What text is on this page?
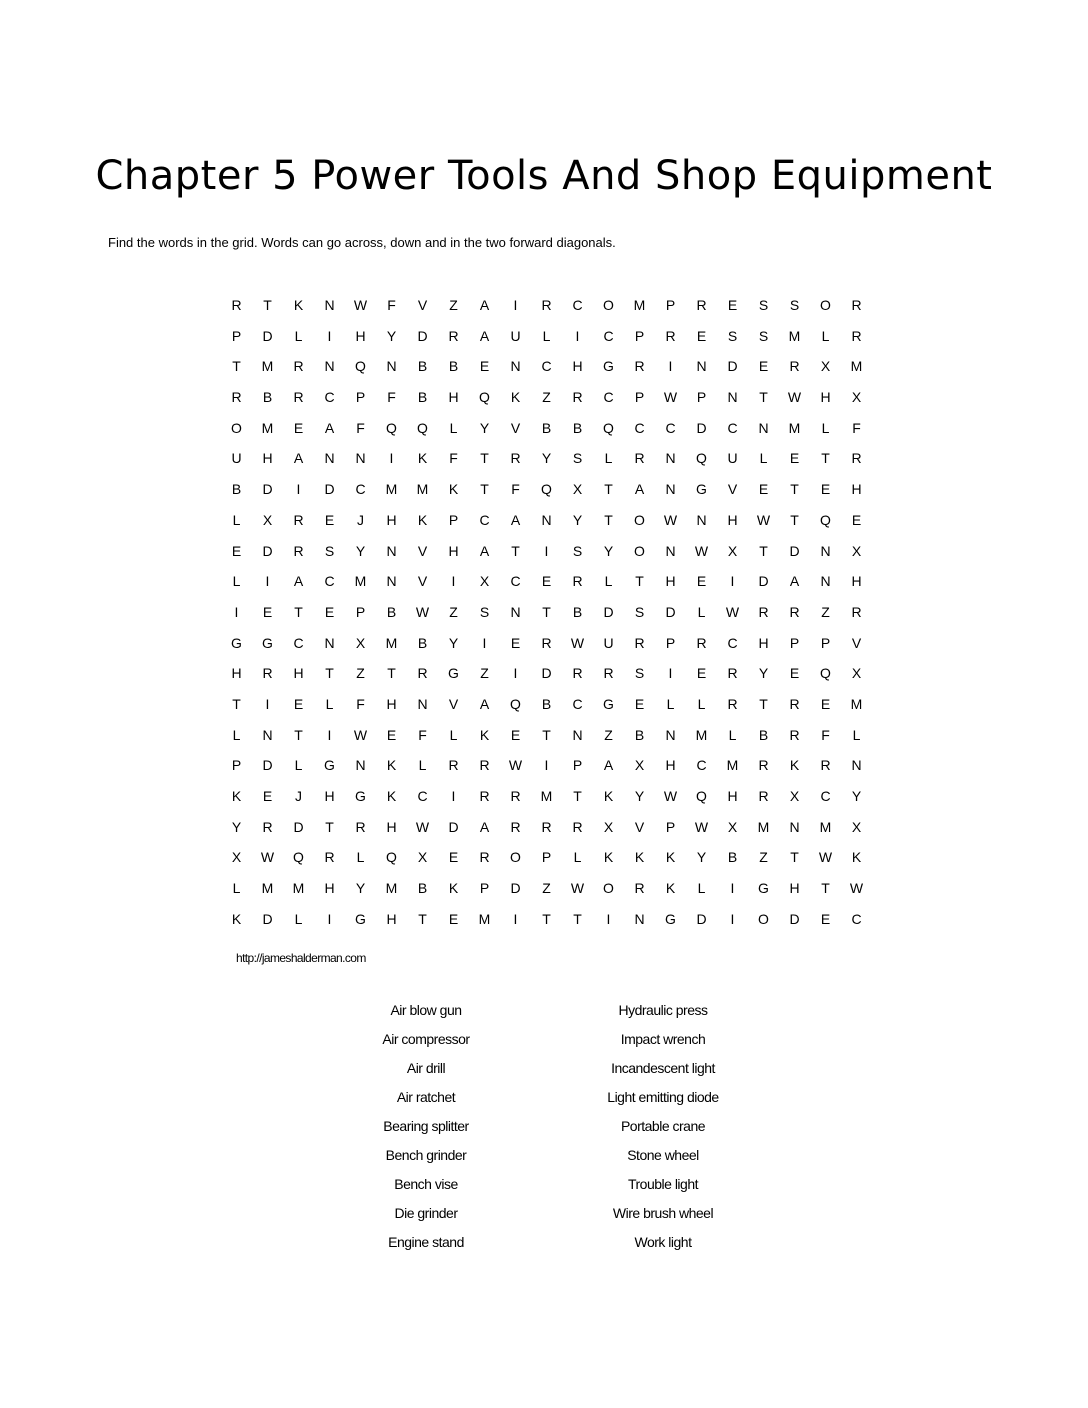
Chapter 5 Power Tools And Shop Equipment
Find the words in the grid. Words can go across, down and in the two forward diagonals.
R	T	K	N	W	F	V	Z	A	I	R	C	O	M	P	R	E	S	S	O	R
P	D	L	I	H	Y	D	R	A	U	L	I	C	P	R	E	S	S	M	L	R
T	M	R	N	Q	N	B	B	E	N	C	H	G	R	I	N	D	E	R	X	M
R	B	R	C	P	F	B	H	Q	K	Z	R	C	P	W	P	N	T	W	H	X
O	M	E	A	F	Q	Q	L	Y	V	B	B	Q	C	C	D	C	N	M	L	F
U	H	A	N	N	I	K	F	T	R	Y	S	L	R	N	Q	U	L	E	T	R
B	D	I	D	C	M	M	K	T	F	Q	X	T	A	N	G	V	E	T	E	H
L	X	R	E	J	H	K	P	C	A	N	Y	T	O	W	N	H	W	T	Q	E
E	D	R	S	Y	N	V	H	A	T	I	S	Y	O	N	W	X	T	D	N	X
L	I	A	C	M	N	V	I	X	C	E	R	L	T	H	E	I	D	A	N	H
I	E	T	E	P	B	W	Z	S	N	T	B	D	S	D	L	W	R	R	Z	R
G	G	C	N	X	M	B	Y	I	E	R	W	U	R	P	R	C	H	P	P	V
H	R	H	T	Z	T	R	G	Z	I	D	R	R	S	I	E	R	Y	E	Q	X
T	I	E	L	F	H	N	V	A	Q	B	C	G	E	L	L	R	T	R	E	M
L	N	T	I	W	E	F	L	K	E	T	N	Z	B	N	M	L	B	R	F	L
P	D	L	G	N	K	L	R	R	W	I	P	A	X	H	C	M	R	K	R	N
K	E	J	H	G	K	C	I	R	R	M	T	K	Y	W	Q	H	R	X	C	Y
Y	R	D	T	R	H	W	D	A	R	R	R	X	V	P	W	X	M	N	M	X
X	W	Q	R	L	Q	X	E	R	O	P	L	K	K	K	Y	B	Z	T	W	K
L	M	M	H	Y	M	B	K	P	D	Z	W	O	R	K	L	I	G	H	T	W
K	D	L	I	G	H	T	E	M	I	T	T	I	N	G	D	I	O	D	E	C
http://jameshalderman.com
Air blow gun
Air compressor
Air drill
Air ratchet
Bearing splitter
Bench grinder
Bench vise
Die grinder
Engine stand
Hydraulic press
Impact wrench
Incandescent light
Light emitting diode
Portable crane
Stone wheel
Trouble light
Wire brush wheel
Work light
